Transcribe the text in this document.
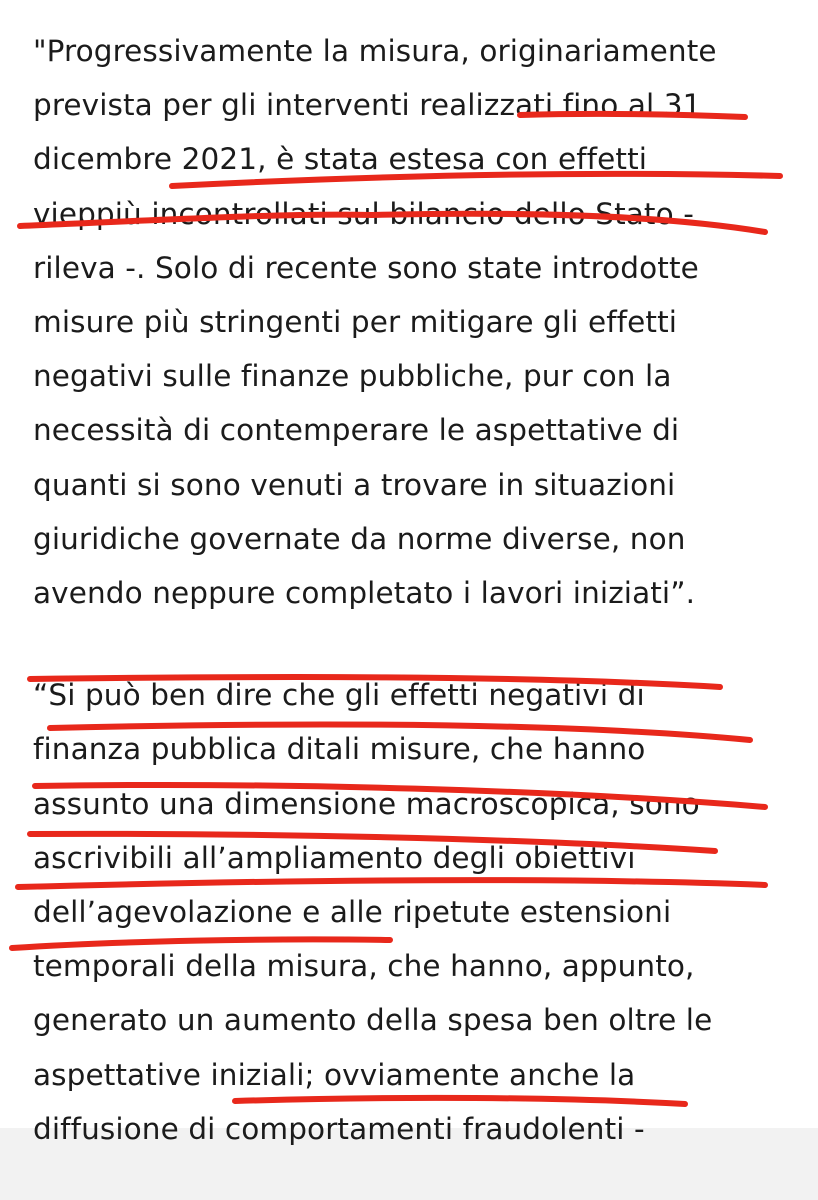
"Progressivamente la misura, originariamente
prevista per gli interventi realizzati fino al 31
dicembre 2021, è stata estesa con effetti
vieppiù incontrollati sul bilancio dello Stato -
rileva -. Solo di recente sono state introdotte
misure più stringenti per mitigare gli effetti
negativi sulle finanze pubbliche, pur con la
necessità di contemperare le aspettative di
quanti si sono venuti a trovare in situazioni
giuridiche governate da norme diverse, non
avendo neppure completato i lavori iniziati”.

“Si può ben dire che gli effetti negativi di
finanza pubblica ditali misure, che hanno
assunto una dimensione macroscopica, sono
ascrivibili all’ampliamento degli obiettivi
dell’agevolazione e alle ripetute estensioni
temporali della misura, che hanno, appunto,
generato un aumento della spesa ben oltre le
aspettative iniziali; ovviamente anche la
diffusione di comportamenti fraudolenti -
